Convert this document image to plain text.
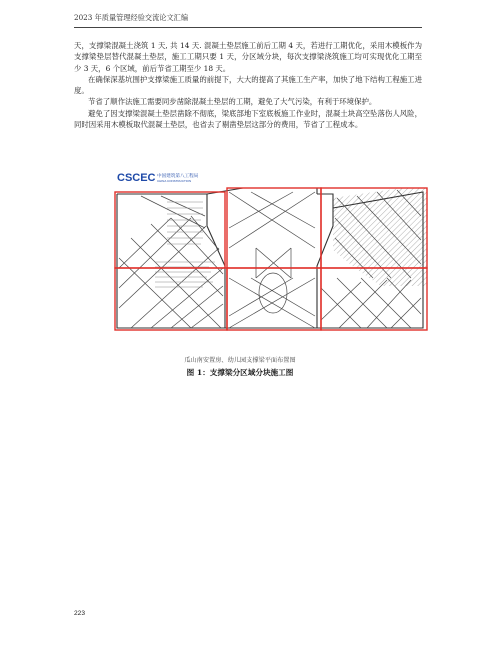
2023 年质量管理经验交流论文汇编

天，支撑梁混凝土浇筑 1 天, 共 14 天. 混凝土垫层施工前后工期 4 天，若进行工期优化，采用木模板作为支撑梁垫层替代混凝土垫层，施工工期只要 1 天，分区域分块，每次支撑梁浇筑施工均可实现优化工期至少 3 天，6 个区域，前后节省工期至少 18 天。

在确保深基坑围护支撑梁施工质量的前提下，大大的提高了其施工生产率，加快了地下结构工程施工进度。

节省了顺作法施工需要同步凿除混凝土垫层的工期，避免了大气污染，有利于环境保护。

避免了因支撑梁混凝土垫层凿除不彻底，梁底部地下室底板施工作业时，混凝土块高空坠落伤人风险，同时因采用木模板取代混凝土垫层，也省去了剔凿垫层这部分的费用，节省了工程成本。

CSCEC 中国建筑第八工程局
CHINA CONSTRUCTION
瓜山南安置房、幼儿园支撑梁平面布置图
图 1：支撑梁分区域分块施工图
223
